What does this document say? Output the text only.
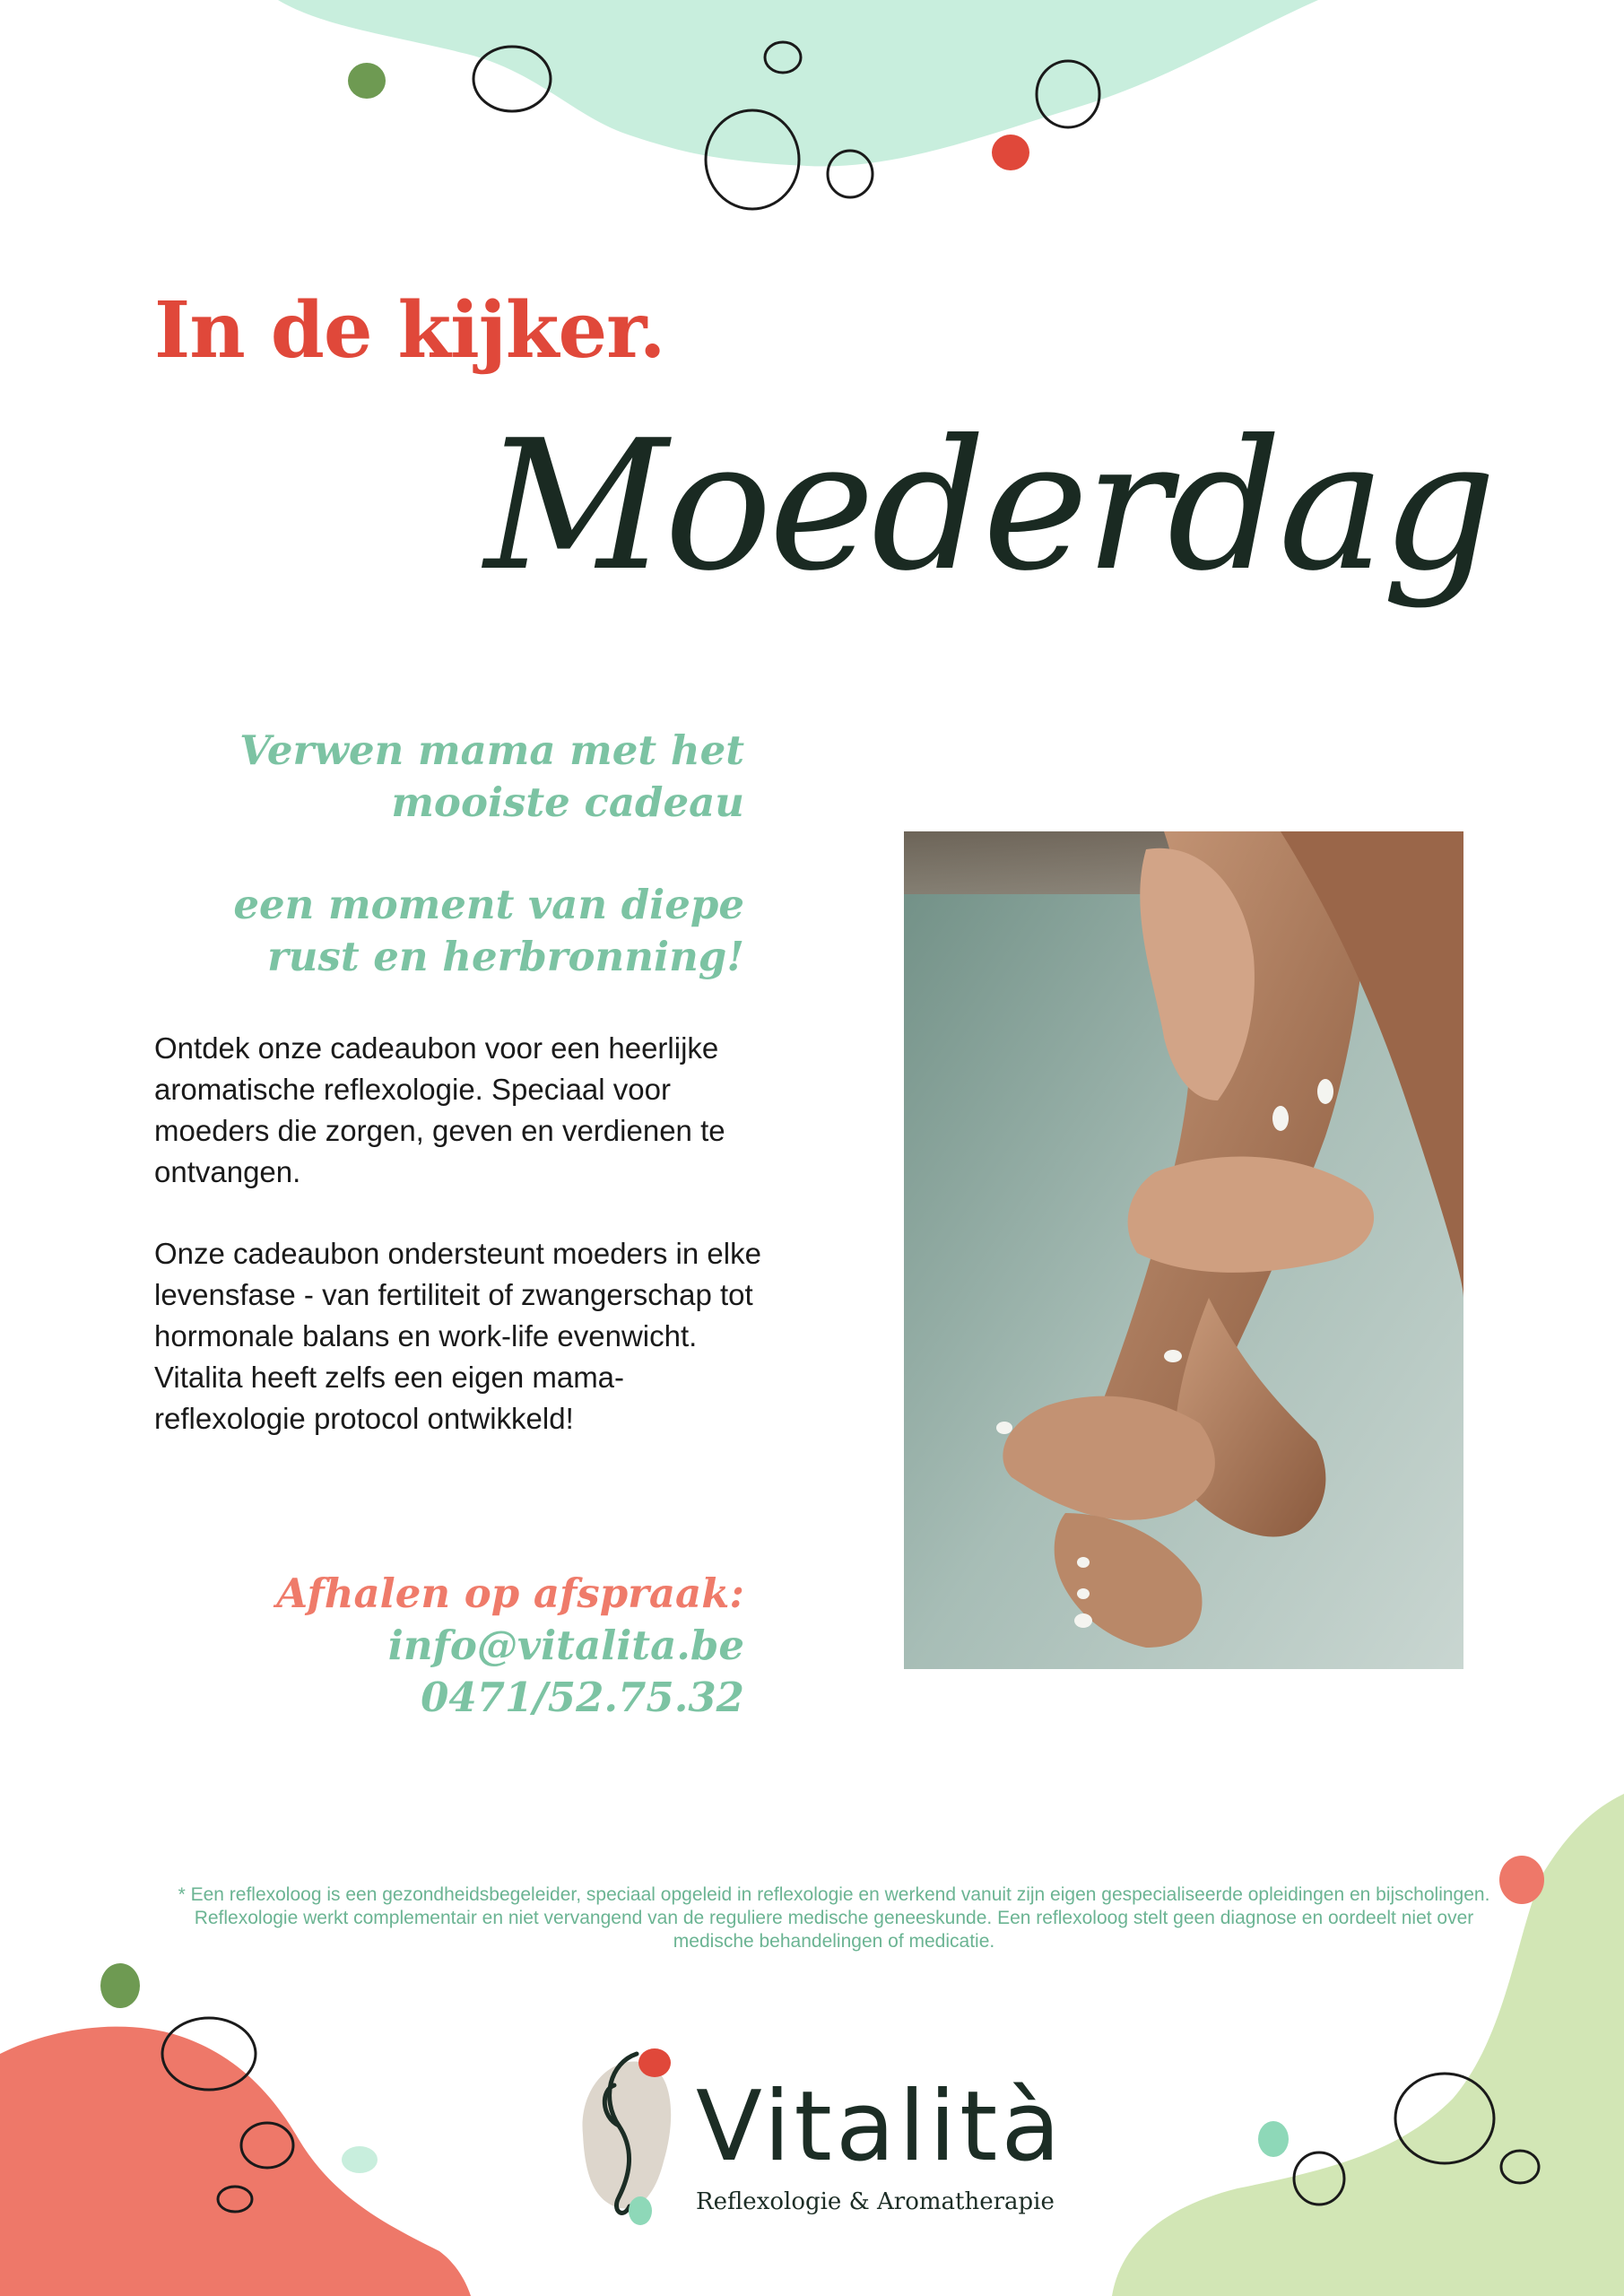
In de kijker.
Moederdag
Verwen mama met het mooiste cadeau
een moment van diepe rust en herbronning!
Ontdek onze cadeaubon voor een heerlijke aromatische reflexologie. Speciaal voor moeders die zorgen, geven en verdienen te ontvangen.
Onze cadeaubon ondersteunt moeders in elke levensfase - van fertiliteit of zwangerschap tot hormonale balans en work-life evenwicht. Vitalita heeft zelfs een eigen mama-reflexologie protocol ontwikkeld!
Afhalen op afspraak:
info@vitalita.be
0471/52.75.32
* Een reflexoloog is een gezondheidsbegeleider, speciaal opgeleid in reflexologie en werkend vanuit zijn eigen gespecialiseerde opleidingen en bijscholingen. Reflexologie werkt complementair en niet vervangend van de reguliere medische geneeskunde. Een reflexoloog stelt geen diagnose en oordeelt niet over medische behandelingen of medicatie.
Vitalità
Reflexologie & Aromatherapie
